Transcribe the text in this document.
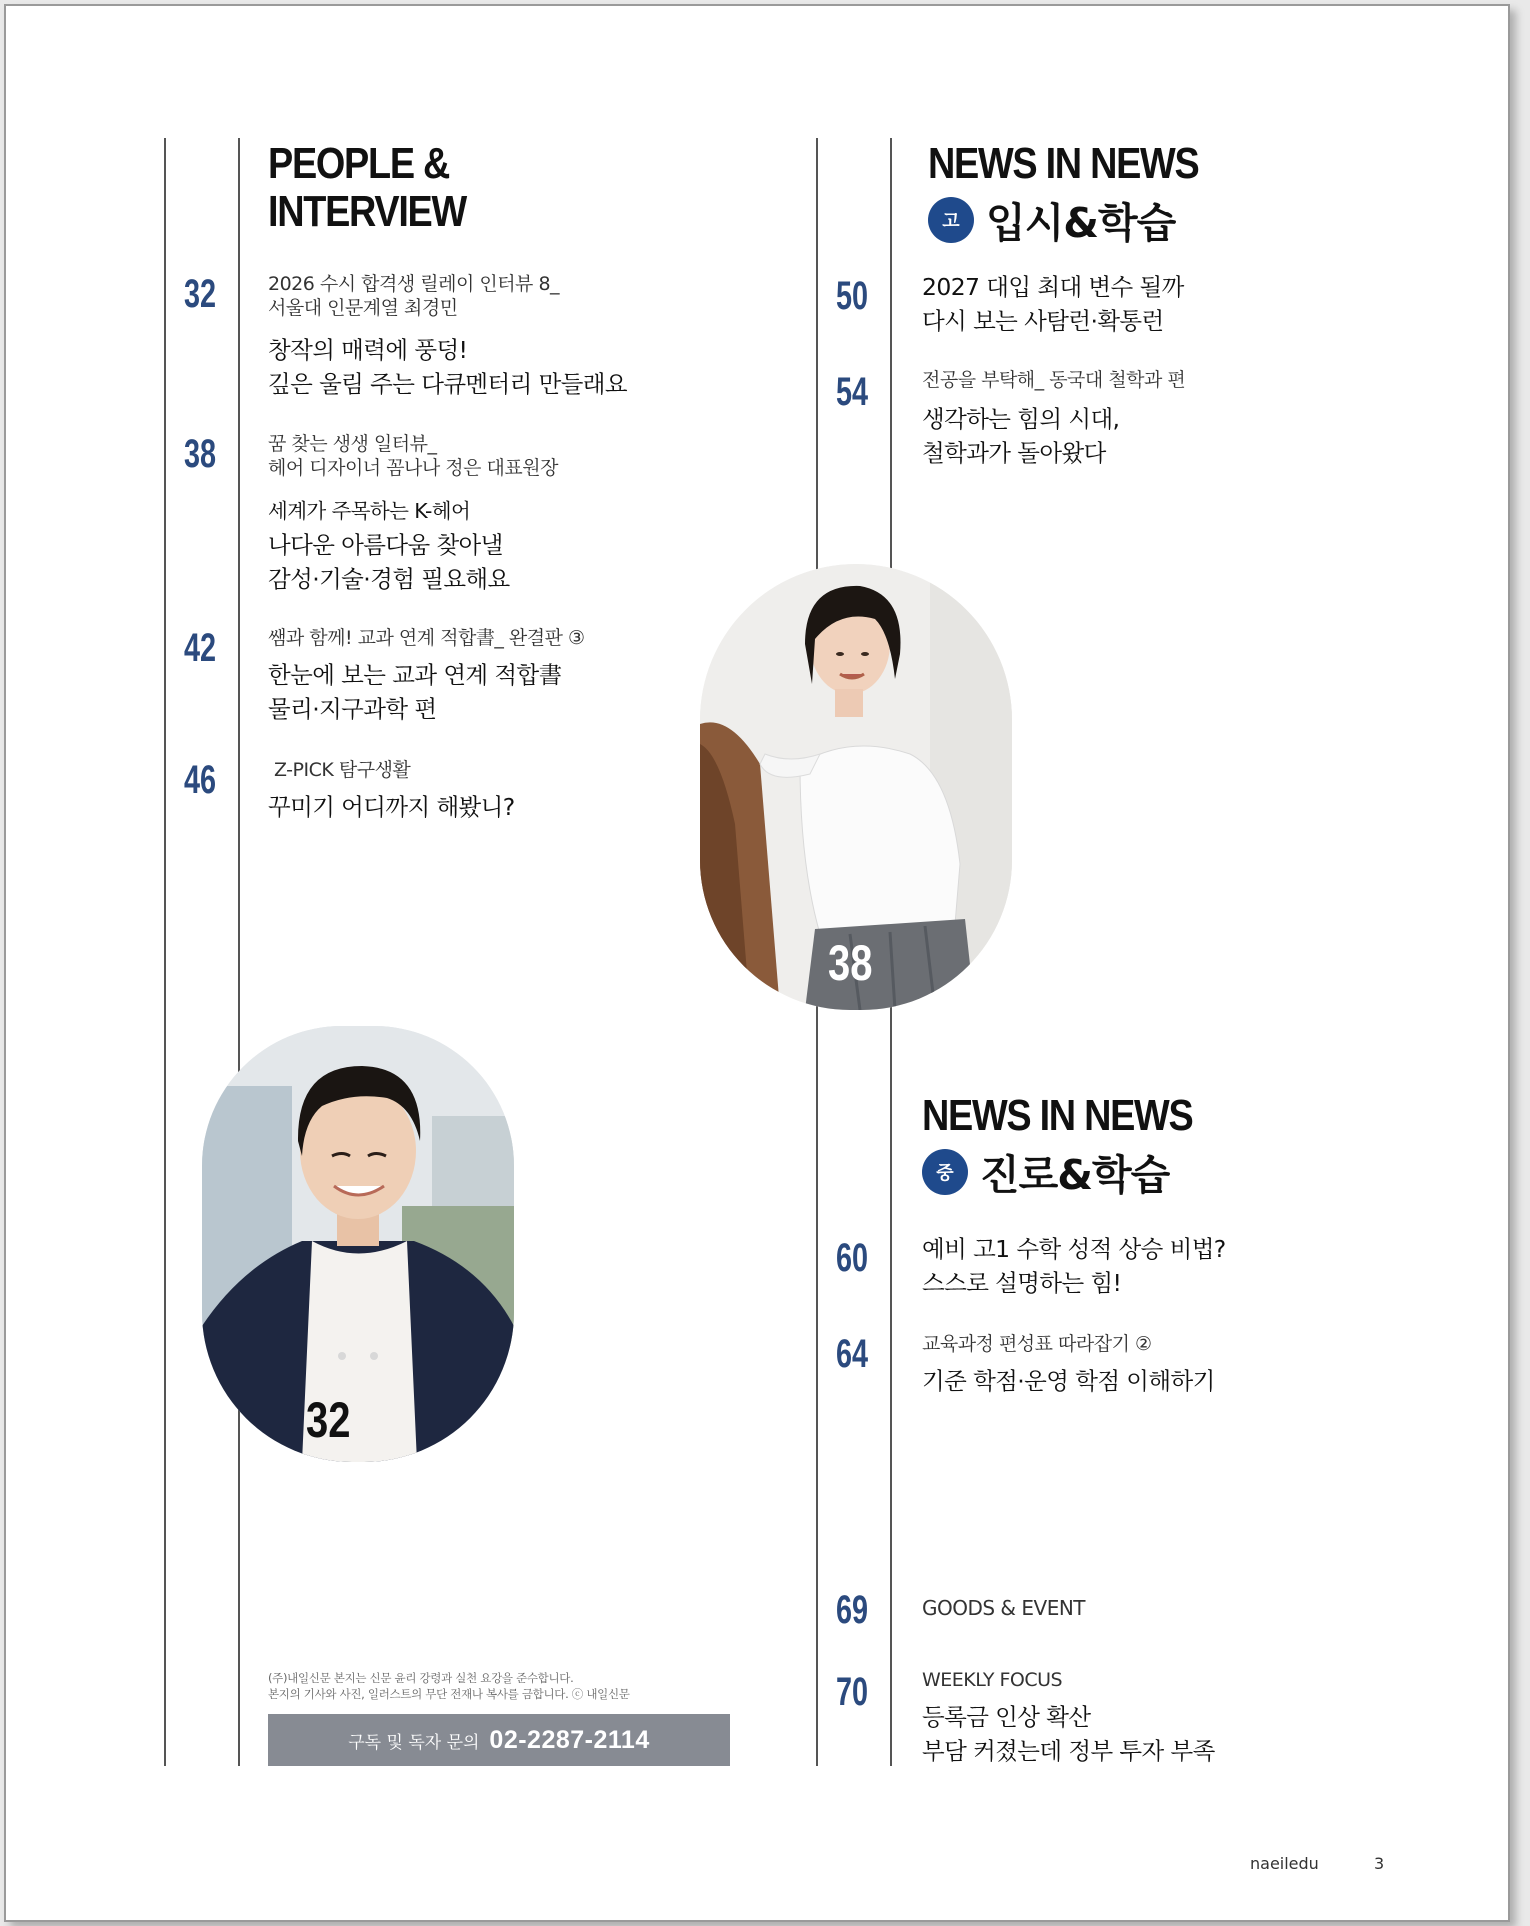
PEOPLE &
INTERVIEW
32	2026 수시 합격생 릴레이 인터뷰 8_
서울대 인문계열 최경민
창작의 매력에 풍덩!
깊은 울림 주는 다큐멘터리 만들래요
38	꿈 찾는 생생 일터뷰_
헤어 디자이너 꼼나나 정은 대표원장
세계가 주목하는 K-헤어
나다운 아름다움 찾아낼
감성·기술·경험 필요해요
42	쌤과 함께! 교과 연계 적합書_ 완결판 ③
한눈에 보는 교과 연계 적합書
물리·지구과학 편
46	Z-PICK 탐구생활
꾸미기 어디까지 해봤니?
NEWS IN NEWS
고 입시&학습
50 2027 대입 최대 변수 될까
다시 보는 사탐런·확통런
54	전공을 부탁해_ 동국대 철학과 편
생각하는 힘의 시대,
철학과가 돌아왔다
38
NEWS IN NEWS
중 진로&학습
60 예비 고1 수학 성적 상승 비법?
스스로 설명하는 힘!
64	교육과정 편성표 따라잡기 ②
기준 학점·운영 학점 이해하기
69	GOODS & EVENT
70	WEEKLY FOCUS
등록금 인상 확산
부담 커졌는데 정부 투자 부족
32
(주)내일신문 본지는 신문 윤리 강령과 실천 요강을 준수합니다.
본지의 기사와 사진, 일러스트의 무단 전재나 복사를 금합니다. ⓒ 내일신문
구독 및 독자 문의 02-2287-2114
naeiledu	3
